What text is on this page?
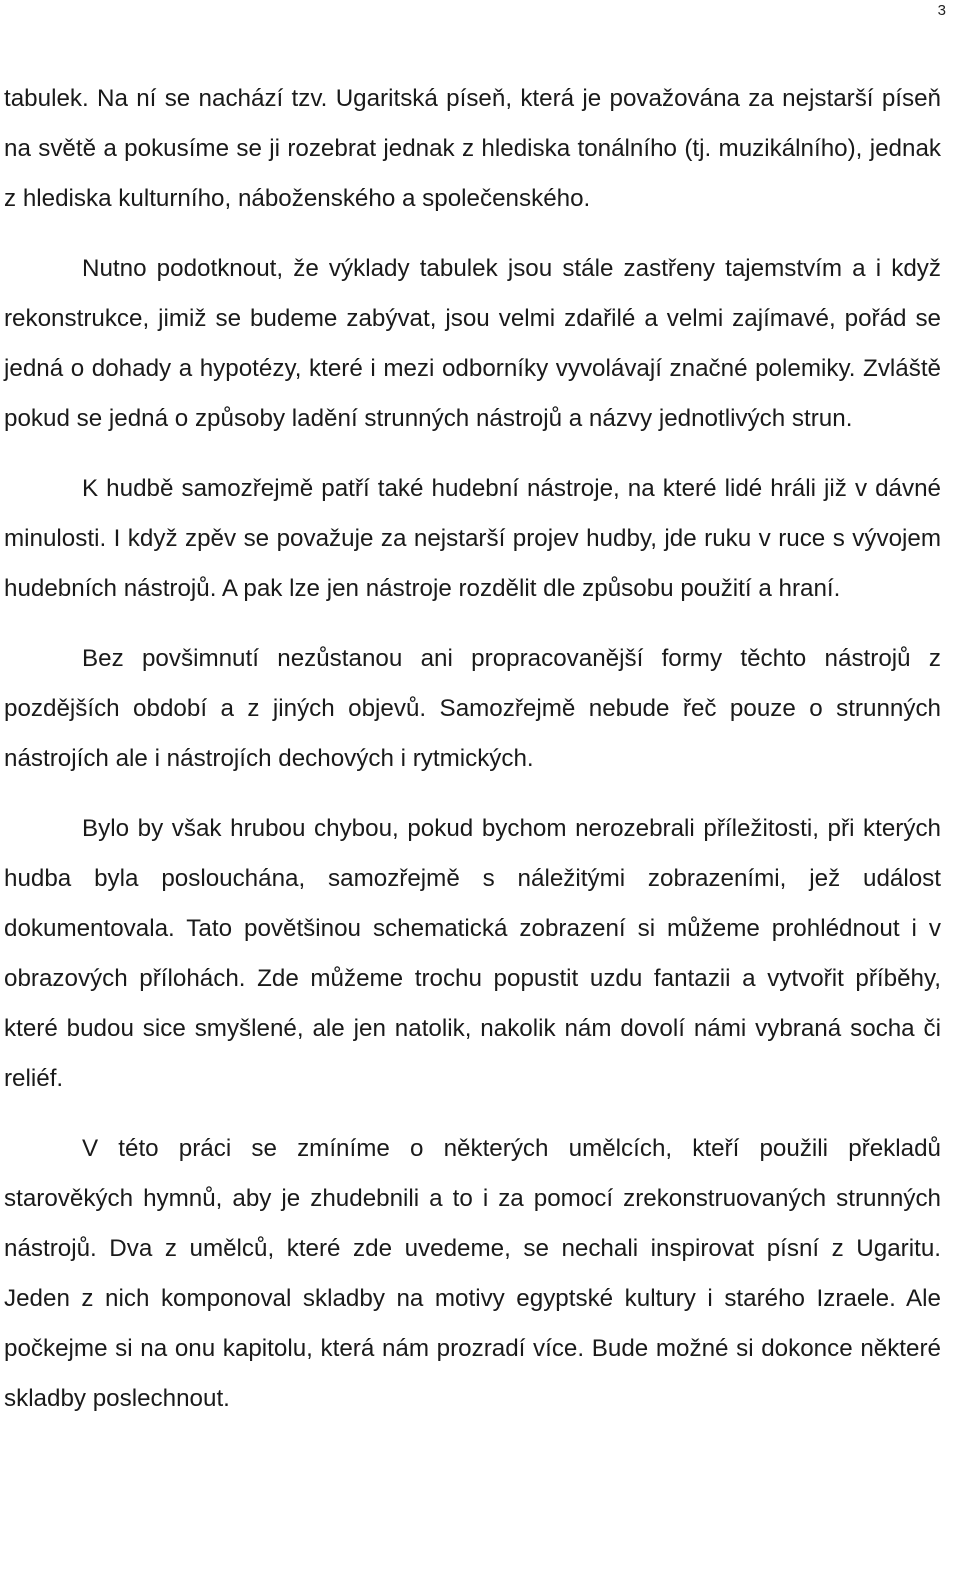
3

tabulek. Na ní se nachází tzv. Ugaritská píseň, která je považována za nejstarší píseň na světě a pokusíme se ji rozebrat jednak z hlediska tonálního (tj. muzikálního), jednak z hlediska kulturního, náboženského a společenského.

Nutno podotknout, že výklady tabulek jsou stále zastřeny tajemstvím a i když rekonstrukce, jimiž se budeme zabývat, jsou velmi zdařilé a velmi zajímavé, pořád se jedná o dohady a hypotézy, které i mezi odborníky vyvolávají značné polemiky. Zvláště pokud se jedná o způsoby ladění strunných nástrojů a názvy jednotlivých strun.

K hudbě samozřejmě patří také hudební nástroje, na které lidé hráli již v dávné minulosti. I když zpěv se považuje za nejstarší projev hudby, jde ruku v ruce s vývojem hudebních nástrojů. A pak lze jen nástroje rozdělit dle způsobu použití a hraní.

Bez povšimnutí nezůstanou ani propracovanější formy těchto nástrojů z pozdějších období a z jiných objevů. Samozřejmě nebude řeč pouze o strunných nástrojích ale i nástrojích dechových i rytmických.

Bylo by však hrubou chybou, pokud bychom nerozebrali příležitosti, při kterých hudba byla poslouchána, samozřejmě s náležitými zobrazeními, jež událost dokumentovala. Tato povětšinou schematická zobrazení si můžeme prohlédnout i v obrazových přílohách. Zde můžeme trochu popustit uzdu fantazii a vytvořit příběhy, které budou sice smyšlené, ale jen natolik, nakolik nám dovolí námi vybraná socha či reliéf.

V této práci se zmíníme o některých umělcích, kteří použili překladů starověkých hymnů, aby je zhudebnili a to i za pomocí zrekonstruovaných strunných nástrojů. Dva z umělců, které zde uvedeme, se nechali inspirovat písní z Ugaritu. Jeden z nich komponoval skladby na motivy egyptské kultury i starého Izraele. Ale počkejme si na onu kapitolu, která nám prozradí více. Bude možné si dokonce některé skladby poslechnout.
